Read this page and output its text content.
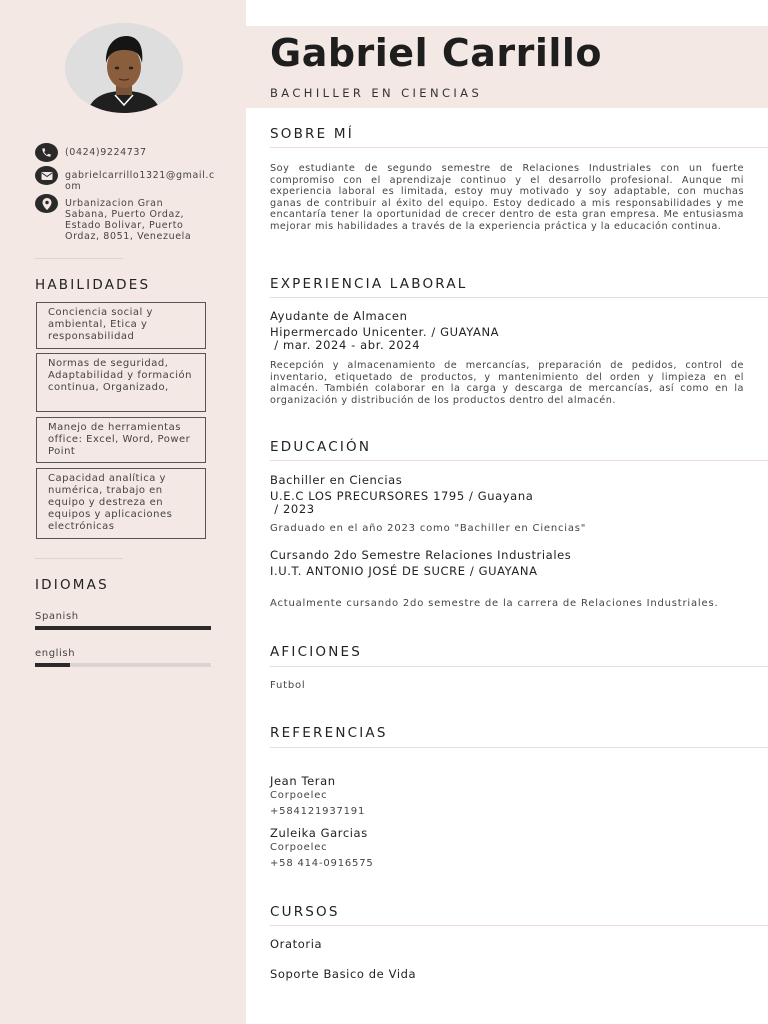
(0424)9224737
gabrielcarrillo1321@gmail.com
Urbanizacion Gran Sabana, Puerto Ordaz, Estado Bolivar, Puerto Ordaz, 8051, Venezuela
HABILIDADES
Conciencia social y ambiental, Etica y responsabilidad
Normas de seguridad, Adaptabilidad y formación continua, Organizado,
Manejo de herramientas office: Excel, Word, Power Point
Capacidad analítica y numérica, trabajo en equipo y destreza en equipos y aplicaciones electrónicas
IDIOMAS
Spanish
english
Gabriel Carrillo
BACHILLER EN CIENCIAS
SOBRE MÍ
Soy estudiante de segundo semestre de Relaciones Industriales con un fuerte compromiso con el aprendizaje continuo y el desarrollo profesional. Aunque mi experiencia laboral es limitada, estoy muy motivado y soy adaptable, con muchas ganas de contribuir al éxito del equipo. Estoy dedicado a mis responsabilidades y me encantaría tener la oportunidad de crecer dentro de esta gran empresa. Me entusiasma mejorar mis habilidades a través de la experiencia práctica y la educación continua.
EXPERIENCIA LABORAL
Ayudante de Almacen
Hipermercado Unicenter. / GUAYANA
/ mar. 2024 - abr. 2024
Recepción y almacenamiento de mercancías, preparación de pedidos, control de inventario, etiquetado de productos, y mantenimiento del orden y limpieza en el almacén. También colaborar en la carga y descarga de mercancías, así como en la organización y distribución de los productos dentro del almacén.
EDUCACIÓN
Bachiller en Ciencias
U.E.C LOS PRECURSORES 1795 / Guayana
/ 2023
Graduado en el año 2023 como "Bachiller en Ciencias"
Cursando 2do Semestre Relaciones Industriales
I.U.T. ANTONIO JOSÉ DE SUCRE / GUAYANA
Actualmente cursando 2do semestre de la carrera de Relaciones Industriales.
AFICIONES
Futbol
REFERENCIAS
Jean Teran
Corpoelec
+584121937191
Zuleika Garcias
Corpoelec
+58 414-0916575
CURSOS
Oratoria
Soporte Basico de Vida
